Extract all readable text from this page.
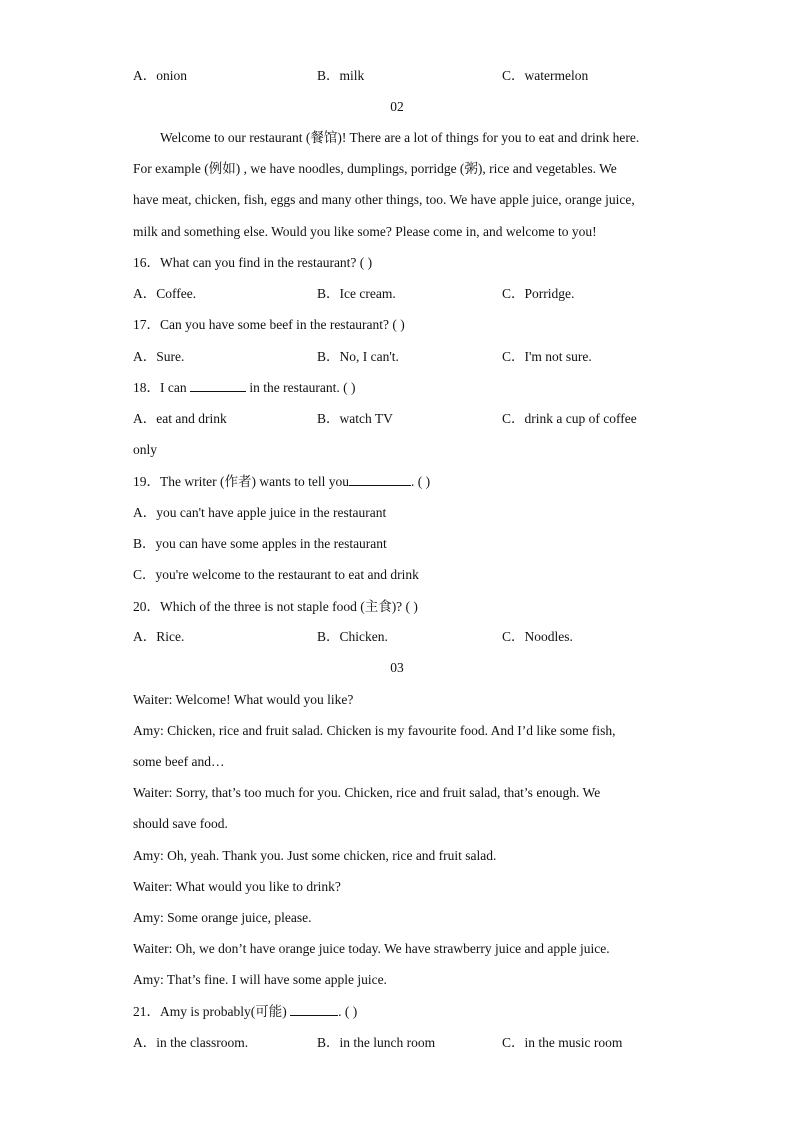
A．onion	B．milk	C．watermelon
02
Welcome to our restaurant (餐馆)! There are a lot of things for you to eat and drink here.
For example (例如) , we have noodles, dumplings, porridge (粥), rice and vegetables. We
have meat, chicken, fish, eggs and many other things, too. We have apple juice, orange juice,
milk and something else. Would you like some? Please come in, and welcome to you!
16．What can you find in the restaurant? ( )
A．Coffee.	B．Ice cream.	C．Porridge.
17．Can you have some beef in the restaurant? ( )
A．Sure.	B．No, I can't.	C．I'm not sure.
18．I can	in the restaurant. ( )
A．eat and drink	B．watch TV	C．drink a cup of coffee
only
19．The writer (作者) wants to tell you	. ( )
A．you can't have apple juice in the restaurant
B．you can have some apples in the restaurant
C．you're welcome to the restaurant to eat and drink
20．Which of the three is not staple food (主食)? ( )
A．Rice.	B．Chicken.	C．Noodles.
03
Waiter: Welcome! What would you like?
Amy: Chicken, rice and fruit salad. Chicken is my favourite food. And I’d like some fish,
some beef and…
Waiter: Sorry, that’s too much for you. Chicken, rice and fruit salad, that’s enough. We
should save food.
Amy: Oh, yeah. Thank you. Just some chicken, rice and fruit salad.
Waiter: What would you like to drink?
Amy: Some orange juice, please.
Waiter: Oh, we don’t have orange juice today. We have strawberry juice and apple juice.
Amy: That’s fine. I will have some apple juice.
21．Amy is probably(可能)	. ( )
A．in the classroom.	B．in the lunch room	C．in the music room
